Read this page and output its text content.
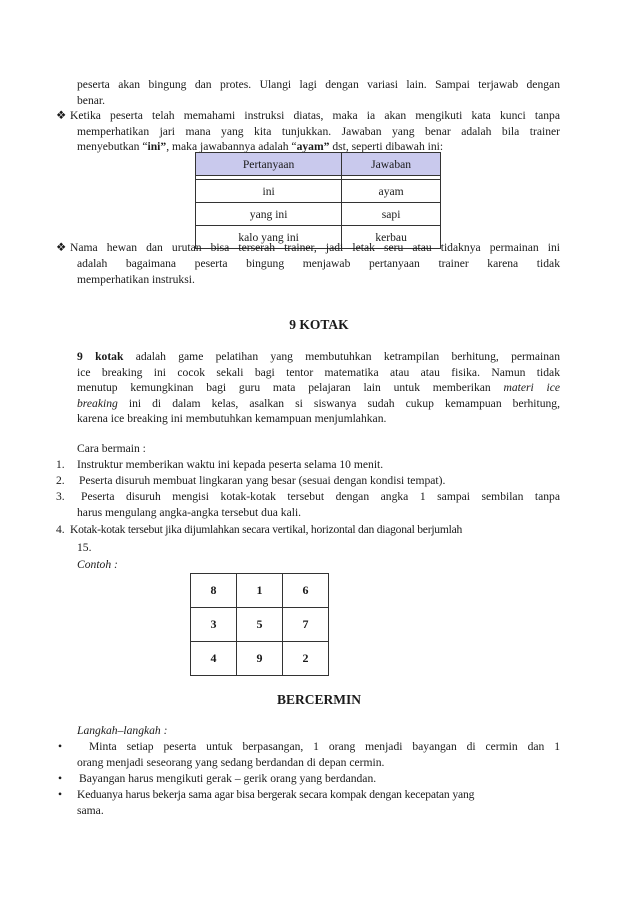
peserta akan bingung dan protes. Ulangi lagi dengan variasi lain. Sampai terjawab dengan
benar.
❖ Ketika peserta telah memahami instruksi diatas, maka ia akan mengikuti kata kunci tanpa
memperhatikan jari mana yang kita tunjukkan. Jawaban yang benar adalah bila trainer
menyebutkan “ini”, maka jawabannya adalah “ayam” dst, seperti dibawah ini:
Pertanyaan	Jawaban

ini	ayam
yang ini	sapi
kalo yang ini	kerbau
❖ Nama hewan dan urutan bisa terserah trainer, jadi letak seru atau tidaknya permainan ini
adalah bagaimana peserta bingung menjawab pertanyaan trainer karena tidak
memperhatikan instruksi.
9 KOTAK
9 kotak adalah game pelatihan yang membutuhkan ketrampilan berhitung, permainan
ice breaking ini cocok sekali bagi tentor matematika atau atau fisika. Namun tidak
menutup kemungkinan bagi guru mata pelajaran lain untuk memberikan materi ice
breaking ini di dalam kelas, asalkan si siswanya sudah cukup kemampuan berhitung,
karena ice breaking ini membutuhkan kemampuan menjumlahkan.
Cara bermain :
1. Instruktur memberikan waktu ini kepada peserta selama 10 menit.
2. Peserta disuruh membuat lingkaran yang besar (sesuai dengan kondisi tempat).
3. Peserta disuruh mengisi kotak-kotak tersebut dengan angka 1 sampai sembilan tanpa
harus mengulang angka-angka tersebut dua kali.
4. Kotak-kotak tersebut jika dijumlahkan secara vertikal, horizontal dan diagonal berjumlah
15.
Contoh :
8	1	6
3	5	7
4	9	2
BERCERMIN
Langkah–langkah :
• Minta setiap peserta untuk berpasangan, 1 orang menjadi bayangan di cermin dan 1
orang menjadi seseorang yang sedang berdandan di depan cermin.
• Bayangan harus mengikuti gerak – gerik orang yang berdandan.
• Keduanya harus bekerja sama agar bisa bergerak secara kompak dengan kecepatan yang
sama.
